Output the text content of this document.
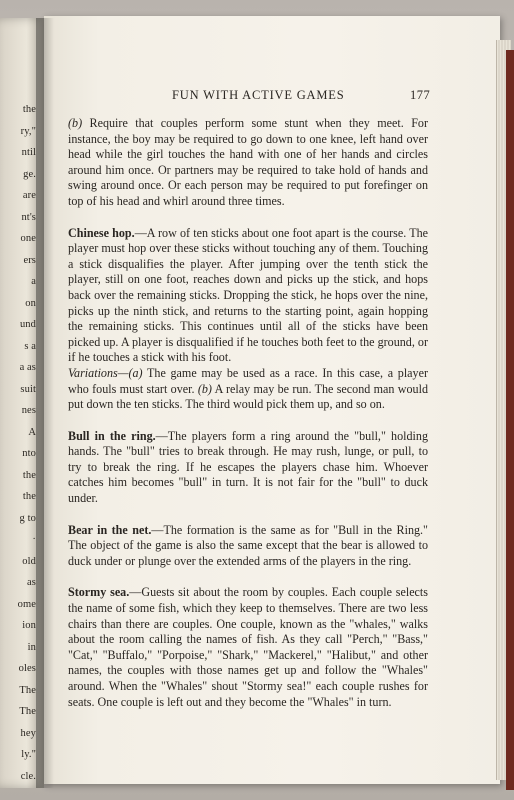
the
ry,"
ntil
ge.
are
nt's
one
ers
a
on
und
s a
a as
suit
nes
A
nto
the
the
g to
·
old
as
ome
ion
in
oles
The
The
hey
ly."
cle.
FUN WITH ACTIVE GAMES	177

(b) Require that couples perform some stunt when they meet. For instance, the boy may be required to go down to one knee, left hand over head while the girl touches the hand with one of her hands and circles around him once. Or partners may be required to take hold of hands and swing around once. Or each person may be required to put forefinger on top of his head and whirl around three times.

Chinese hop.—A row of ten sticks about one foot apart is the course. The player must hop over these sticks without touching any of them. Touching a stick disqualifies the player. After jumping over the tenth stick the player, still on one foot, reaches down and picks up the stick, and hops back over the remaining sticks. Dropping the stick, he hops over the nine, picks up the ninth stick, and returns to the starting point, again hopping the remaining sticks. This continues until all of the sticks have been picked up. A player is disqualified if he touches both feet to the ground, or if he touches a stick with his foot.

Variations—(a) The game may be used as a race. In this case, a player who fouls must start over. (b) A relay may be run. The second man would put down the ten sticks. The third would pick them up, and so on.

Bull in the ring.—The players form a ring around the "bull," holding hands. The "bull" tries to break through. He may rush, lunge, or pull, to try to break the ring. If he escapes the players chase him. Whoever catches him becomes "bull" in turn. It is not fair for the "bull" to duck under.

Bear in the net.—The formation is the same as for "Bull in the Ring." The object of the game is also the same except that the bear is allowed to duck under or plunge over the extended arms of the players in the ring.

Stormy sea.—Guests sit about the room by couples. Each couple selects the name of some fish, which they keep to themselves. There are two less chairs than there are couples. One couple, known as the "whales," walks about the room calling the names of fish. As they call "Perch," "Bass," "Cat," "Buffalo," "Porpoise," "Shark," "Mackerel," "Halibut," and other names, the couples with those names get up and follow the "Whales" around. When the "Whales" shout "Stormy sea!" each couple rushes for seats. One couple is left out and they become the "Whales" in turn.
